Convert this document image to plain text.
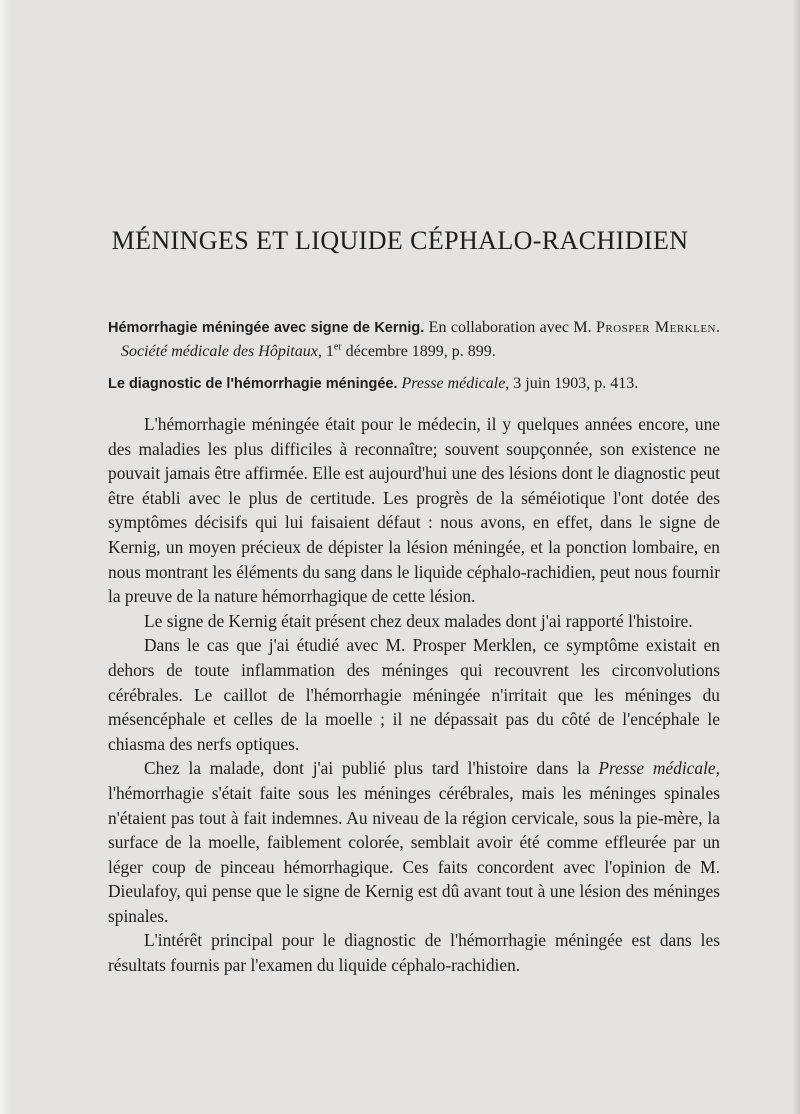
MÉNINGES ET LIQUIDE CÉPHALO-RACHIDIEN

Hémorrhagie méningée avec signe de Kernig. En collaboration avec M. Prosper Merklen. Société médicale des Hôpitaux, 1er décembre 1899, p. 899.

Le diagnostic de l'hémorrhagie méningée. Presse médicale, 3 juin 1903, p. 413.

L'hémorrhagie méningée était pour le médecin, il y quelques années encore, une des maladies les plus difficiles à reconnaître; souvent soupçonnée, son existence ne pouvait jamais être affirmée. Elle est aujourd'hui une des lésions dont le diagnostic peut être établi avec le plus de certitude. Les progrès de la séméiotique l'ont dotée des symptômes décisifs qui lui faisaient défaut : nous avons, en effet, dans le signe de Kernig, un moyen précieux de dépister la lésion méningée, et la ponction lombaire, en nous montrant les éléments du sang dans le liquide céphalo-rachidien, peut nous fournir la preuve de la nature hémorrhagique de cette lésion.

Le signe de Kernig était présent chez deux malades dont j'ai rapporté l'histoire.

Dans le cas que j'ai étudié avec M. Prosper Merklen, ce symptôme existait en dehors de toute inflammation des méninges qui recouvrent les circonvolutions cérébrales. Le caillot de l'hémorrhagie méningée n'irritait que les méninges du mésencéphale et celles de la moelle ; il ne dépassait pas du côté de l'encéphale le chiasma des nerfs optiques.

Chez la malade, dont j'ai publié plus tard l'histoire dans la Presse médicale, l'hémorrhagie s'était faite sous les méninges cérébrales, mais les méninges spinales n'étaient pas tout à fait indemnes. Au niveau de la région cervicale, sous la pie-mère, la surface de la moelle, faiblement colorée, semblait avoir été comme effleurée par un léger coup de pinceau hémorrhagique. Ces faits concordent avec l'opinion de M. Dieulafoy, qui pense que le signe de Kernig est dû avant tout à une lésion des méninges spinales.

L'intérêt principal pour le diagnostic de l'hémorrhagie méningée est dans les résultats fournis par l'examen du liquide céphalo-rachidien.
